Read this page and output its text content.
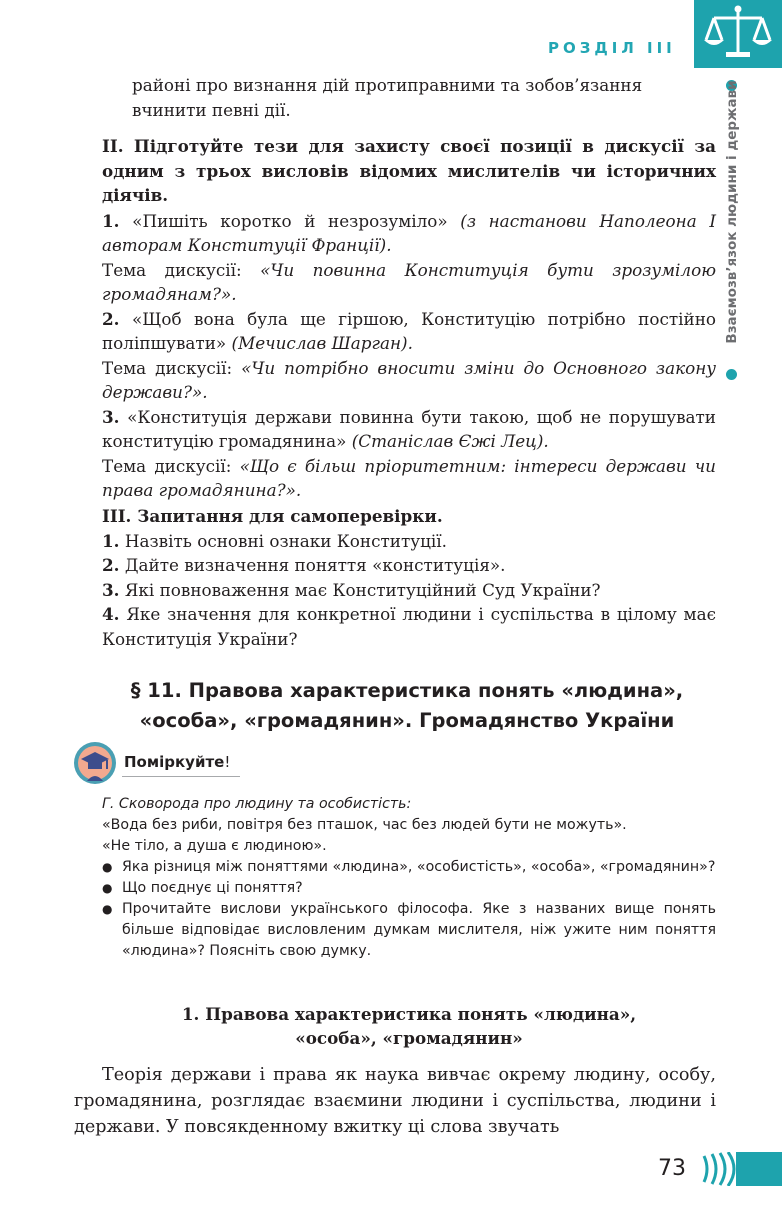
РОЗДІЛ ІІІ
Взаємозв’язок людини і держави

районі про визнання дій протиправними та зобов’язання

вчинити певні дії.

ІІ. Підготуйте тези для захисту своєї позиції в дискусії за одним з трьох висловів відомих мислителів чи історичних діячів.

1. «Пишіть коротко й незрозуміло» (з настанови Наполеона І авторам Конституції Франції).

Тема дискусії: «Чи повинна Конституція бути зрозумілою громадянам?».

2. «Щоб вона була ще гіршою, Конституцію потрібно постійно поліпшувати» (Мечислав Шарган).

Тема дискусії: «Чи потрібно вносити зміни до Основного закону держави?».

3. «Конституція держави повинна бути такою, щоб не порушувати конституцію громадянина» (Станіслав Єжі Лец).

Тема дискусії: «Що є більш пріоритетним: інтереси держави чи права громадянина?».

ІІІ. Запитання для самоперевірки.

1. Назвіть основні ознаки Конституції.

2. Дайте визначення поняття «конституція».

3. Які повноваження має Конституційний Суд України?

4. Яке значення для конкретної людини і суспільства в цілому має Конституція України?

§ 11. Правова характеристика понять «людина»,
«особа», «громадянин». Громадянство України
Поміркуйте!
Г. Сковорода про людину та особистість:
«Вода без риби, повітря без пташок, час без людей бути не можуть».
«Не тіло, а душа є людиною».
● Яка різниця між поняттями «людина», «особистість», «особа», «громадянин»?
● Що поєднує ці поняття?
● Прочитайте вислови українського філософа. Яке з названих вище понять більше відповідає висловленим думкам мислителя, ніж ужите ним поняття «людина»? Поясніть свою думку.
1. Правова характеристика понять «людина»,
«особа», «громадянин»

Теорія держави і права як наука вивчає окрему людину, особу, громадянина, розглядає взаємини людини і суспільства, людини і держави. У повсякденному вжитку ці слова звучать

73
